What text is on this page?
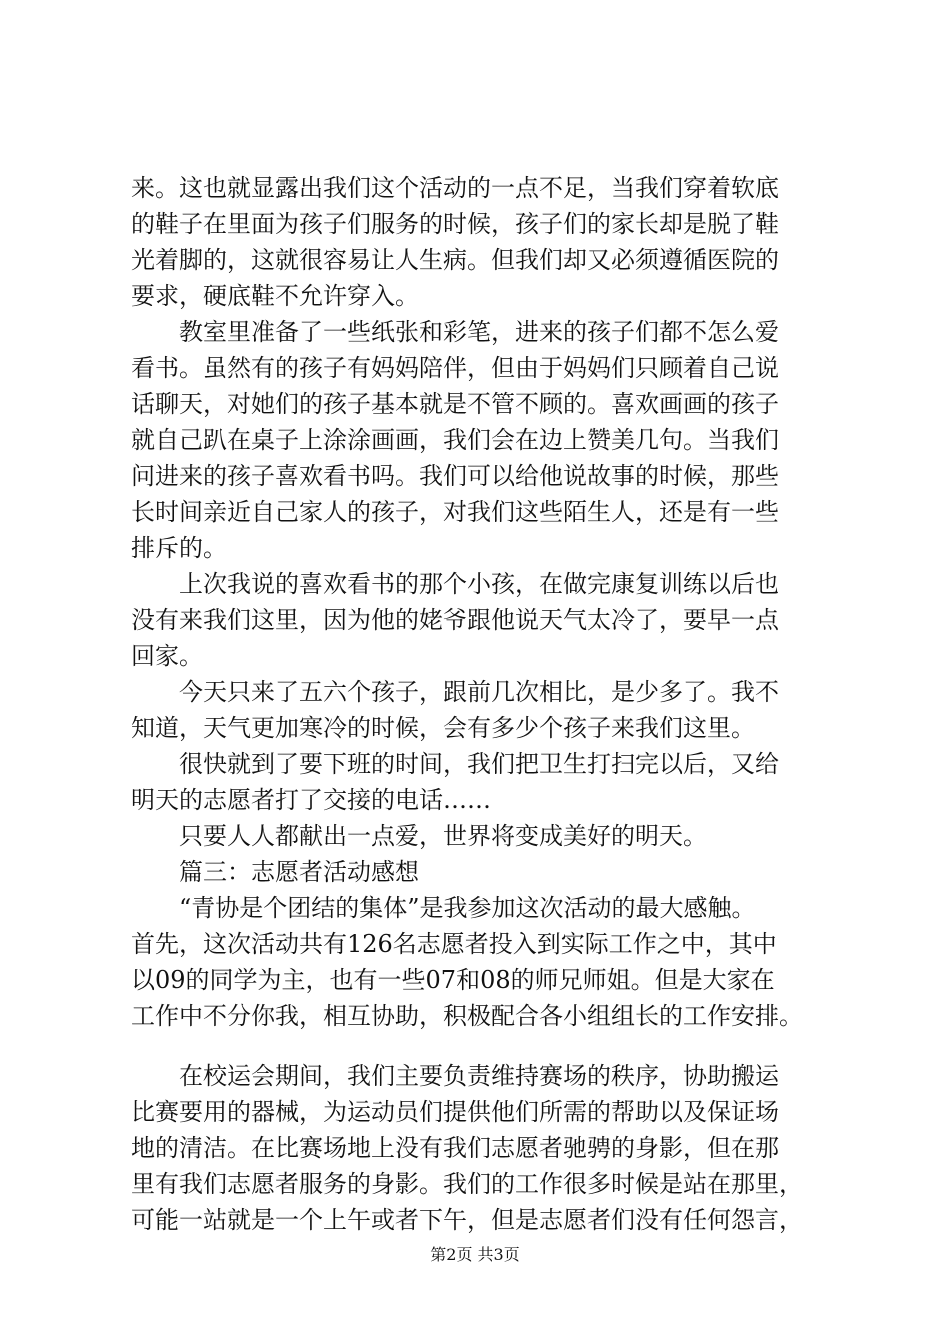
来。这也就显露出我们这个活动的一点不足，当我们穿着软底
的鞋子在里面为孩子们服务的时候，孩子们的家长却是脱了鞋
光着脚的，这就很容易让人生病。但我们却又必须遵循医院的
要求，硬底鞋不允许穿入。
　　教室里准备了一些纸张和彩笔，进来的孩子们都不怎么爱
看书。虽然有的孩子有妈妈陪伴，但由于妈妈们只顾着自己说
话聊天，对她们的孩子基本就是不管不顾的。喜欢画画的孩子
就自己趴在桌子上涂涂画画，我们会在边上赞美几句。当我们
问进来的孩子喜欢看书吗。我们可以给他说故事的时候，那些
长时间亲近自己家人的孩子，对我们这些陌生人，还是有一些
排斥的。
　　上次我说的喜欢看书的那个小孩，在做完康复训练以后也
没有来我们这里，因为他的姥爷跟他说天气太冷了，要早一点
回家。
　　今天只来了五六个孩子，跟前几次相比，是少多了。我不
知道，天气更加寒冷的时候，会有多少个孩子来我们这里。
　　很快就到了要下班的时间，我们把卫生打扫完以后，又给
明天的志愿者打了交接的电话……
　　只要人人都献出一点爱，世界将变成美好的明天。
　　篇三：志愿者活动感想
　　“青协是个团结的集体”是我参加这次活动的最大感触。
首先，这次活动共有126名志愿者投入到实际工作之中，其中
以09的同学为主，也有一些07和08的师兄师姐。但是大家在
工作中不分你我，相互协助，积极配合各小组组长的工作安排。
　　在校运会期间，我们主要负责维持赛场的秩序，协助搬运
比赛要用的器械，为运动员们提供他们所需的帮助以及保证场
地的清洁。在比赛场地上没有我们志愿者驰骋的身影，但在那
里有我们志愿者服务的身影。我们的工作很多时候是站在那里，
可能一站就是一个上午或者下午，但是志愿者们没有任何怨言，
第2页 共3页
